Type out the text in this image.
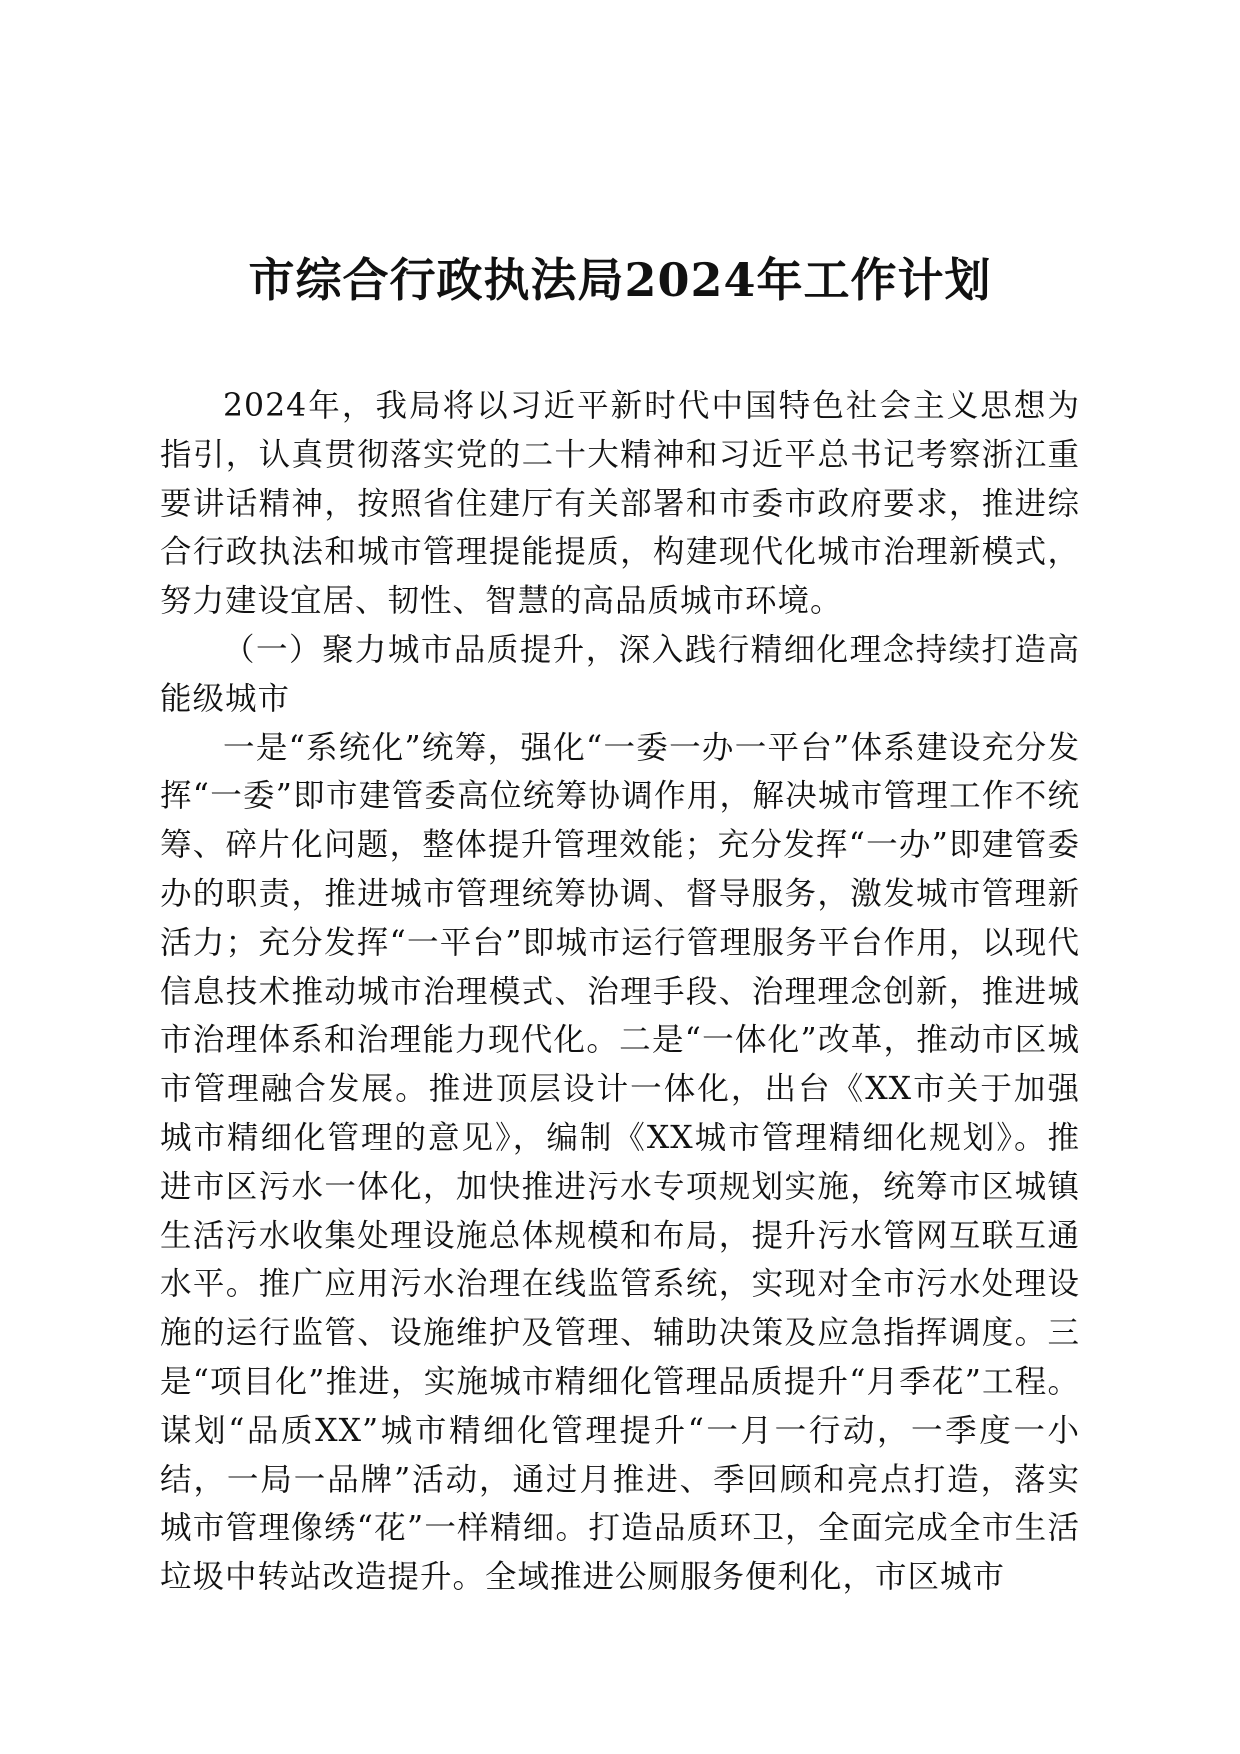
市综合行政执法局2024年工作计划

2024年，我局将以习近平新时代中国特色社会主义思想为指引，认真贯彻落实党的二十大精神和习近平总书记考察浙江重要讲话精神，按照省住建厅有关部署和市委市政府要求，推进综合行政执法和城市管理提能提质，构建现代化城市治理新模式，努力建设宜居、韧性、智慧的高品质城市环境。

（一）聚力城市品质提升，深入践行精细化理念持续打造高能级城市

一是“系统化”统筹，强化“一委一办一平台”体系建设充分发挥“一委”即市建管委高位统筹协调作用，解决城市管理工作不统筹、碎片化问题，整体提升管理效能；充分发挥“一办”即建管委办的职责，推进城市管理统筹协调、督导服务，激发城市管理新活力；充分发挥“一平台”即城市运行管理服务平台作用，以现代信息技术推动城市治理模式、治理手段、治理理念创新，推进城市治理体系和治理能力现代化。二是“一体化”改革，推动市区城市管理融合发展。推进顶层设计一体化，出台《XX市关于加强城市精细化管理的意见》，编制《XX城市管理精细化规划》。推进市区污水一体化，加快推进污水专项规划实施，统筹市区城镇生活污水收集处理设施总体规模和布局，提升污水管网互联互通水平。推广应用污水治理在线监管系统，实现对全市污水处理设施的运行监管、设施维护及管理、辅助决策及应急指挥调度。三是“项目化”推进，实施城市精细化管理品质提升“月季花”工程。谋划“品质XX”城市精细化管理提升“一月一行动，一季度一小结，一局一品牌”活动，通过月推进、季回顾和亮点打造，落实城市管理像绣“花”一样精细。打造品质环卫，全面完成全市生活垃圾中转站改造提升。全域推进公厕服务便利化，市区城市
